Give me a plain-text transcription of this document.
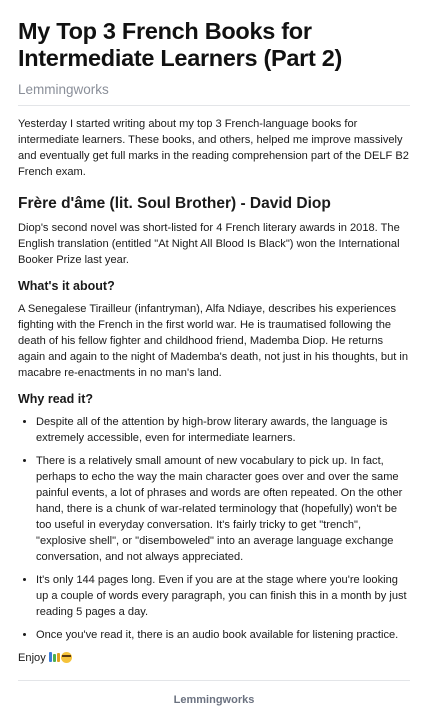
My Top 3 French Books for Intermediate Learners (Part 2)
Lemmingworks

Yesterday I started writing about my top 3 French-language books for intermediate learners. These books, and others, helped me improve massively and eventually get full marks in the reading comprehension part of the DELF B2 French exam.

Frère d'âme (lit. Soul Brother) - David Diop

Diop's second novel was short-listed for 4 French literary awards in 2018. The English translation (entitled "At Night All Blood Is Black") won the International Booker Prize last year.

What's it about?

A Senegalese Tirailleur (infantryman), Alfa Ndiaye, describes his experiences fighting with the French in the first world war. He is traumatised following the death of his fellow fighter and childhood friend, Mademba Diop. He returns again and again to the night of Mademba's death, not just in his thoughts, but in macabre re-enactments in no man's land.

Why read it?
• Despite all of the attention by high-brow literary awards, the language is extremely accessible, even for intermediate learners.
• There is a relatively small amount of new vocabulary to pick up. In fact, perhaps to echo the way the main character goes over and over the same painful events, a lot of phrases and words are often repeated. On the other hand, there is a chunk of war-related terminology that (hopefully) won't be too useful in everyday conversation. It's fairly tricky to get "trench", "explosive shell", or "disemboweled" into an average language exchange conversation, and not always appreciated.
• It's only 144 pages long. Even if you are at the stage where you're looking up a couple of words every paragraph, you can finish this in a month by just reading 5 pages a day.
• Once you've read it, there is an audio book available for listening practice.

Enjoy

Lemmingworks
